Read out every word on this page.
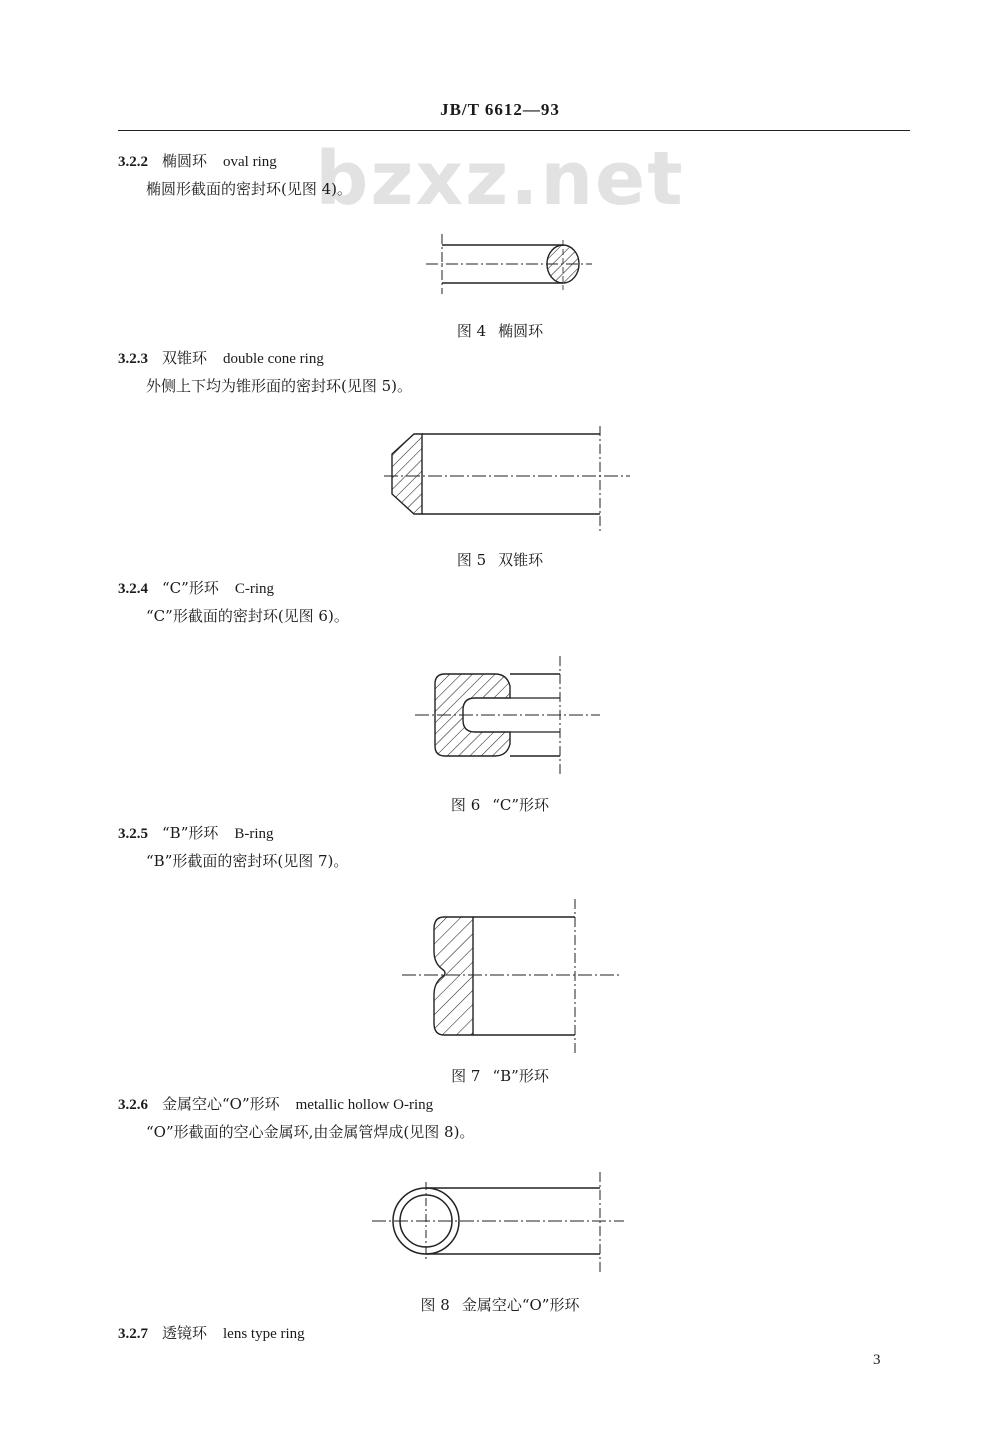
JB/T 6612—93
bzxz.net
3.2.2 椭圆环 oval ring
椭圆形截面的密封环(见图 4)。
图 4 椭圆环
3.2.3 双锥环 double cone ring
外侧上下均为锥形面的密封环(见图 5)。
图 5 双锥环
3.2.4 “C”形环 C-ring
“C”形截面的密封环(见图 6)。
图 6 “C”形环
3.2.5 “B”形环 B-ring
“B”形截面的密封环(见图 7)。
图 7 “B”形环
3.2.6 金属空心“O”形环 metallic hollow O-ring
“O”形截面的空心金属环,由金属管焊成(见图 8)。
图 8 金属空心“O”形环
3.2.7 透镜环 lens type ring
3
